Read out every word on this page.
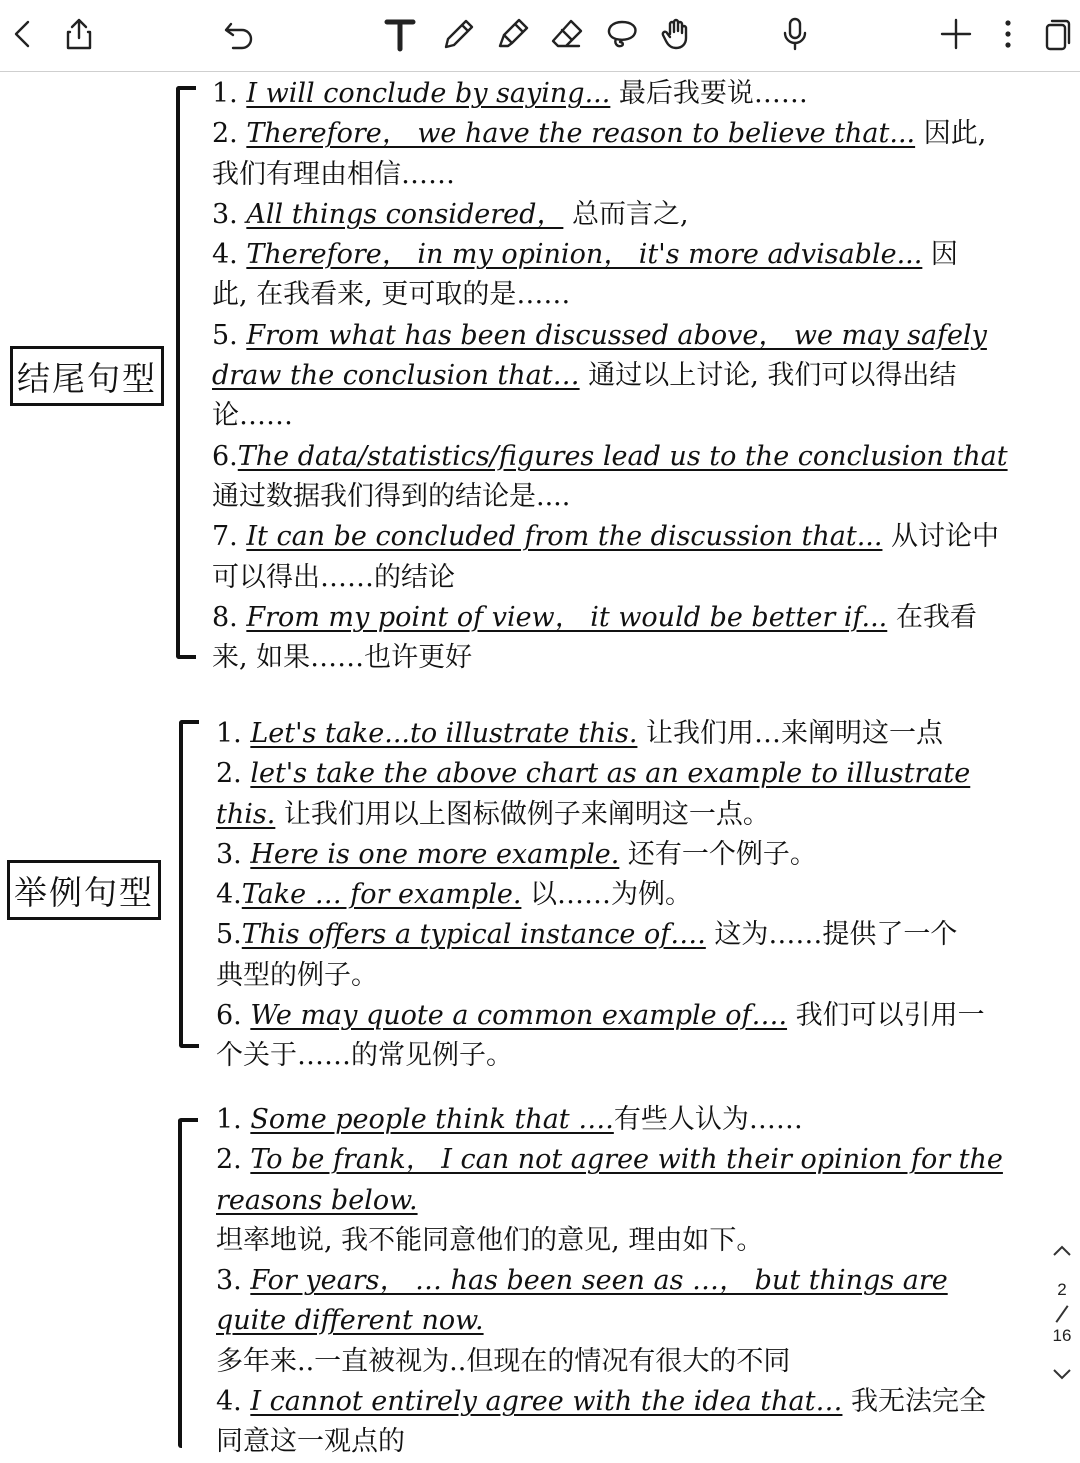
结尾句型
1. I will conclude by saying... 最后我要说……
2. Therefore， we have the reason to believe that... 因此,
我们有理由相信……
3. All things considered， 总而言之,
4. Therefore， in my opinion， it's more advisable... 因
此, 在我看来, 更可取的是……
5. From what has been discussed above， we may safely
draw the conclusion that… 通过以上讨论, 我们可以得出结
论……
6.The data/statistics/figures lead us to the conclusion that
通过数据我们得到的结论是....
7. It can be concluded from the discussion that... 从讨论中
可以得出……的结论
8. From my point of view， it would be better if... 在我看
来, 如果……也许更好
举例句型
1. Let's take...to illustrate this. 让我们用…来阐明这一点
2. let's take the above chart as an example to illustrate
this. 让我们用以上图标做例子来阐明这一点。
3. Here is one more example. 还有一个例子。
4.Take … for example. 以……为例。
5.This offers a typical instance of…. 这为……提供了一个
典型的例子。
6. We may quote a common example of…. 我们可以引用一
个关于……的常见例子。
1. Some people think that ….有些人认为……
2. To be frank， I can not agree with their opinion for the
reasons below.
坦率地说, 我不能同意他们的意见, 理由如下。
3. For years， … has been seen as …， but things are
quite different now.
多年来..一直被视为..但现在的情况有很大的不同
4. I cannot entirely agree with the idea that… 我无法完全
同意这一观点的
2
16
